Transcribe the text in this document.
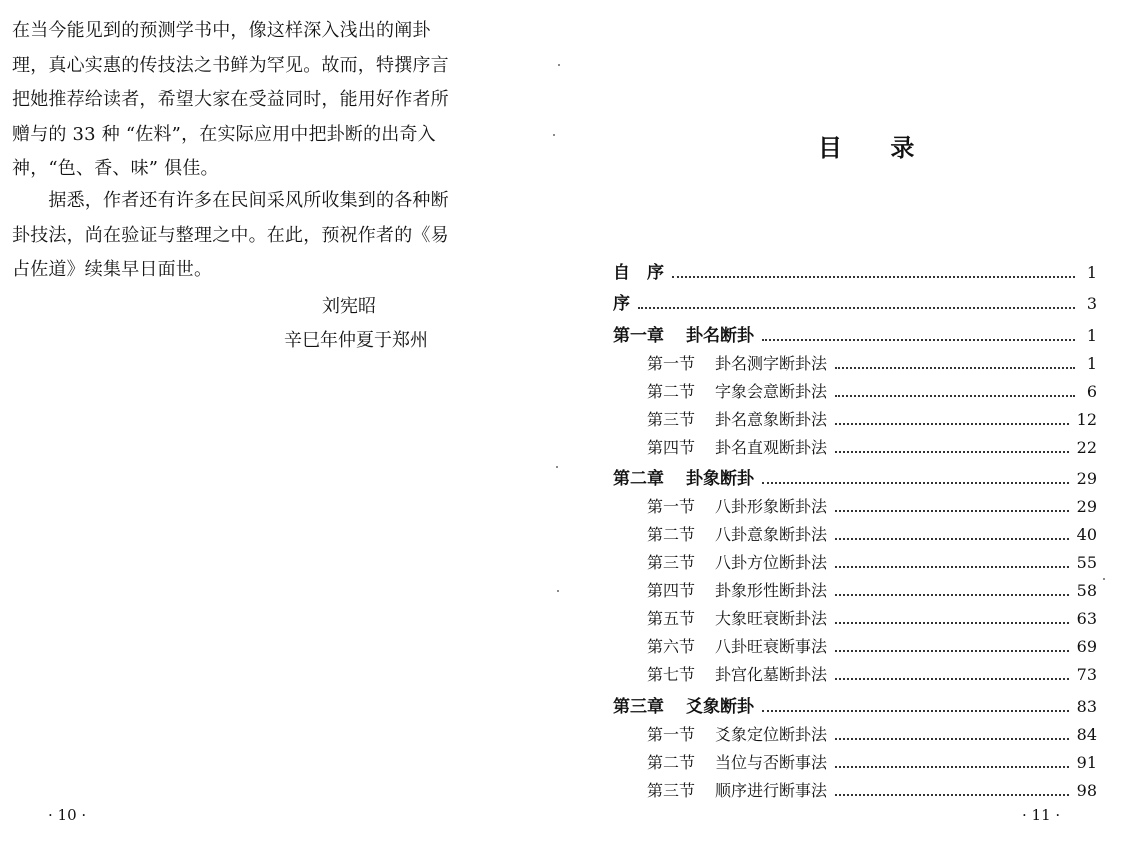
在当今能见到的预测学书中，像这样深入浅出的阐卦
理，真心实惠的传技法之书鲜为罕见。故而，特撰序言
把她推荐给读者，希望大家在受益同时，能用好作者所
赠与的 33 种 “佐料”，在实际应用中把卦断的出奇入
神，“色、香、味” 俱佳。
　　据悉，作者还有许多在民间采风所收集到的各种断
卦技法，尚在验证与整理之中。在此，预祝作者的《易
占佐道》续集早日面世。
刘宪昭
辛巳年仲夏于郑州
· 10 ·
目 录
自　序	1
序	3
第一章 卦名断卦	1
第一节	卦名测字断卦法	1
第二节	字象会意断卦法	6
第三节	卦名意象断卦法	12
第四节	卦名直观断卦法	22
第二章 卦象断卦	29
第一节	八卦形象断卦法	29
第二节	八卦意象断卦法	40
第三节	八卦方位断卦法	55
第四节	卦象形性断卦法	58
第五节	大象旺衰断卦法	63
第六节	八卦旺衰断事法	69
第七节	卦宫化墓断卦法	73
第三章 爻象断卦	83
第一节	爻象定位断卦法	84
第二节	当位与否断事法	91
第三节	顺序进行断事法	98
· 11 ·
